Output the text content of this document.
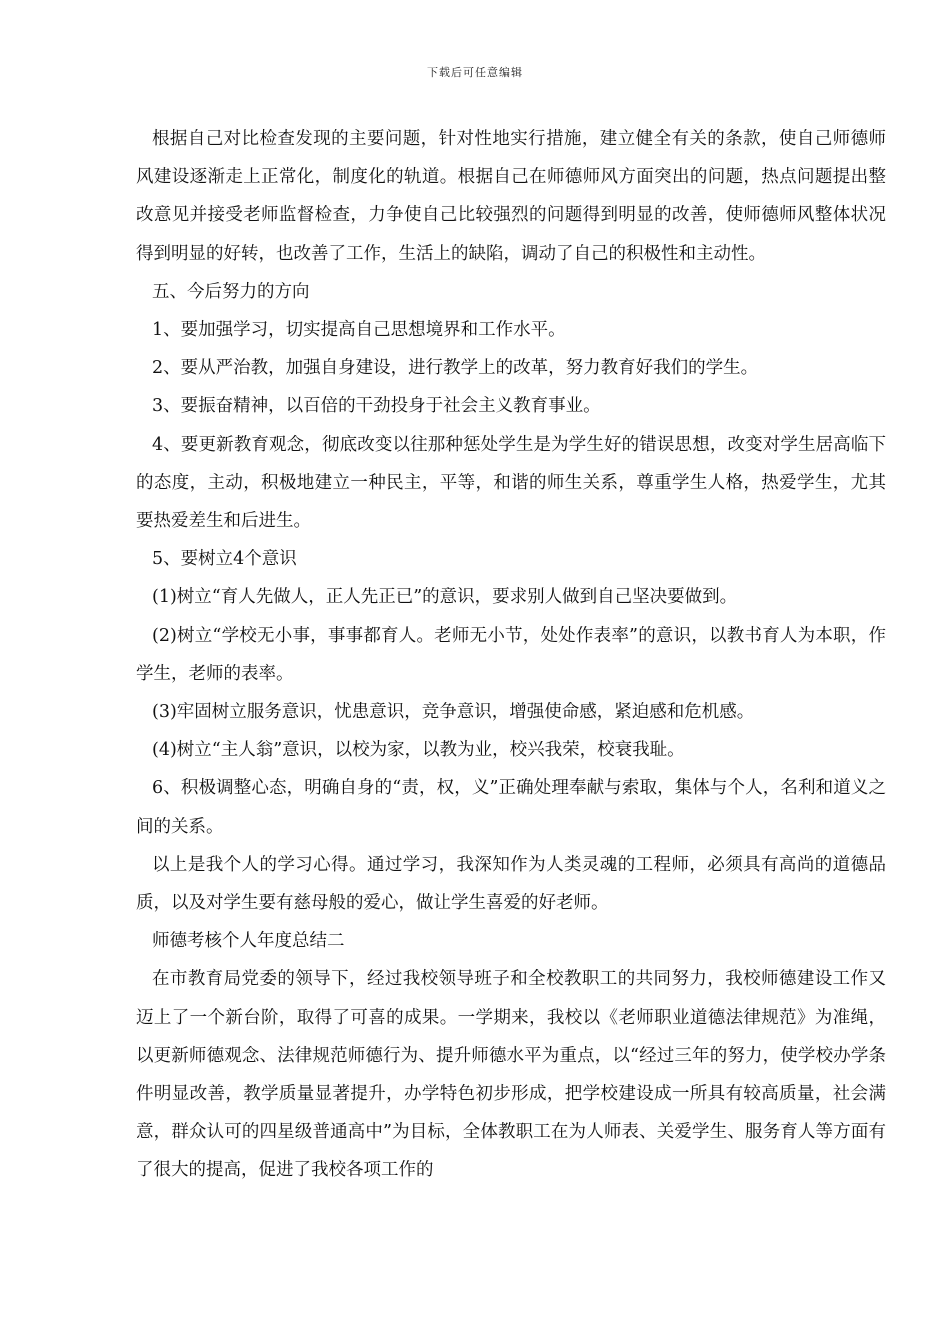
下载后可任意编辑

根据自己对比检查发现的主要问题，针对性地实行措施，建立健全有关的条款，使自己师德师风建设逐渐走上正常化，制度化的轨道。根据自己在师德师风方面突出的问题，热点问题提出整改意见并接受老师监督检查，力争使自己比较强烈的问题得到明显的改善，使师德师风整体状况得到明显的好转，也改善了工作，生活上的缺陷，调动了自己的积极性和主动性。

五、今后努力的方向

1、要加强学习，切实提高自己思想境界和工作水平。

2、要从严治教，加强自身建设，进行教学上的改革，努力教育好我们的学生。

3、要振奋精神，以百倍的干劲投身于社会主义教育事业。

4、要更新教育观念，彻底改变以往那种惩处学生是为学生好的错误思想，改变对学生居高临下的态度，主动，积极地建立一种民主，平等，和谐的师生关系，尊重学生人格，热爱学生，尤其要热爱差生和后进生。

5、要树立4个意识

(1)树立“育人先做人，正人先正已”的意识，要求别人做到自己坚决要做到。

(2)树立“学校无小事，事事都育人。老师无小节，处处作表率”的意识，以教书育人为本职，作学生，老师的表率。

(3)牢固树立服务意识，忧患意识，竞争意识，增强使命感，紧迫感和危机感。

(4)树立“主人翁”意识，以校为家，以教为业，校兴我荣，校衰我耻。

6、积极调整心态，明确自身的“责，权，义”正确处理奉献与索取，集体与个人，名利和道义之间的关系。

以上是我个人的学习心得。通过学习，我深知作为人类灵魂的工程师，必须具有高尚的道德品质，以及对学生要有慈母般的爱心，做让学生喜爱的好老师。

师德考核个人年度总结二

在市教育局党委的领导下，经过我校领导班子和全校教职工的共同努力，我校师德建设工作又迈上了一个新台阶，取得了可喜的成果。一学期来，我校以《老师职业道德法律规范》为准绳，以更新师德观念、法律规范师德行为、提升师德水平为重点，以“经过三年的努力，使学校办学条件明显改善，教学质量显著提升，办学特色初步形成，把学校建设成一所具有较高质量，社会满意，群众认可的四星级普通高中”为目标，全体教职工在为人师表、关爱学生、服务育人等方面有了很大的提高，促进了我校各项工作的
